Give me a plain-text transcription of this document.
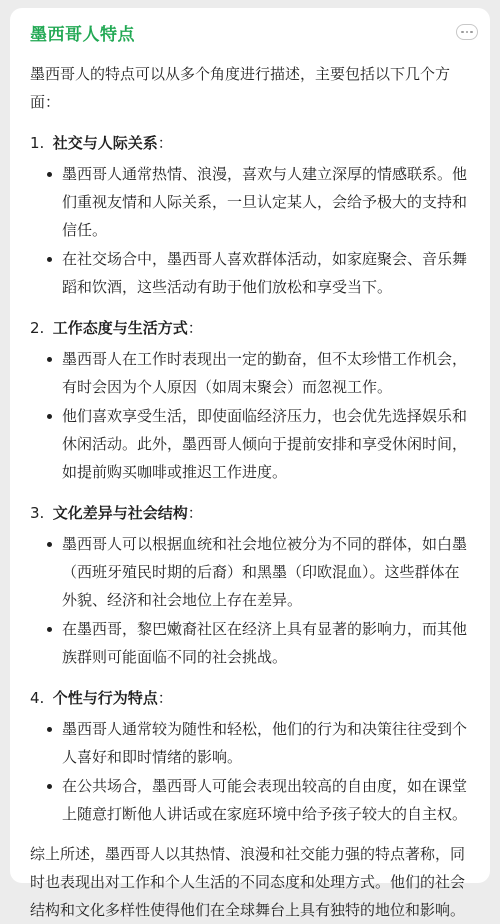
墨西哥人特点
墨西哥人的特点可以从多个角度进行描述，主要包括以下几个方面：
1. 社交与人际关系：
墨西哥人通常热情、浪漫，喜欢与人建立深厚的情感联系。他们重视友情和人际关系，一旦认定某人，会给予极大的支持和信任。
在社交场合中，墨西哥人喜欢群体活动，如家庭聚会、音乐舞蹈和饮酒，这些活动有助于他们放松和享受当下。
2. 工作态度与生活方式：
墨西哥人在工作时表现出一定的勤奋，但不太珍惜工作机会，有时会因为个人原因（如周末聚会）而忽视工作。
他们喜欢享受生活，即使面临经济压力，也会优先选择娱乐和休闲活动。此外，墨西哥人倾向于提前安排和享受休闲时间，如提前购买咖啡或推迟工作进度。
3. 文化差异与社会结构：
墨西哥人可以根据血统和社会地位被分为不同的群体，如白墨（西班牙殖民时期的后裔）和黑墨（印欧混血）。这些群体在外貌、经济和社会地位上存在差异。
在墨西哥，黎巴嫩裔社区在经济上具有显著的影响力，而其他族群则可能面临不同的社会挑战。
4. 个性与行为特点：
墨西哥人通常较为随性和轻松，他们的行为和决策往往受到个人喜好和即时情绪的影响。
在公共场合，墨西哥人可能会表现出较高的自由度，如在课堂上随意打断他人讲话或在家庭环境中给予孩子较大的自主权。
综上所述，墨西哥人以其热情、浪漫和社交能力强的特点著称，同时也表现出对工作和个人生活的不同态度和处理方式。他们的社会结构和文化多样性使得他们在全球舞台上具有独特的地位和影响。
